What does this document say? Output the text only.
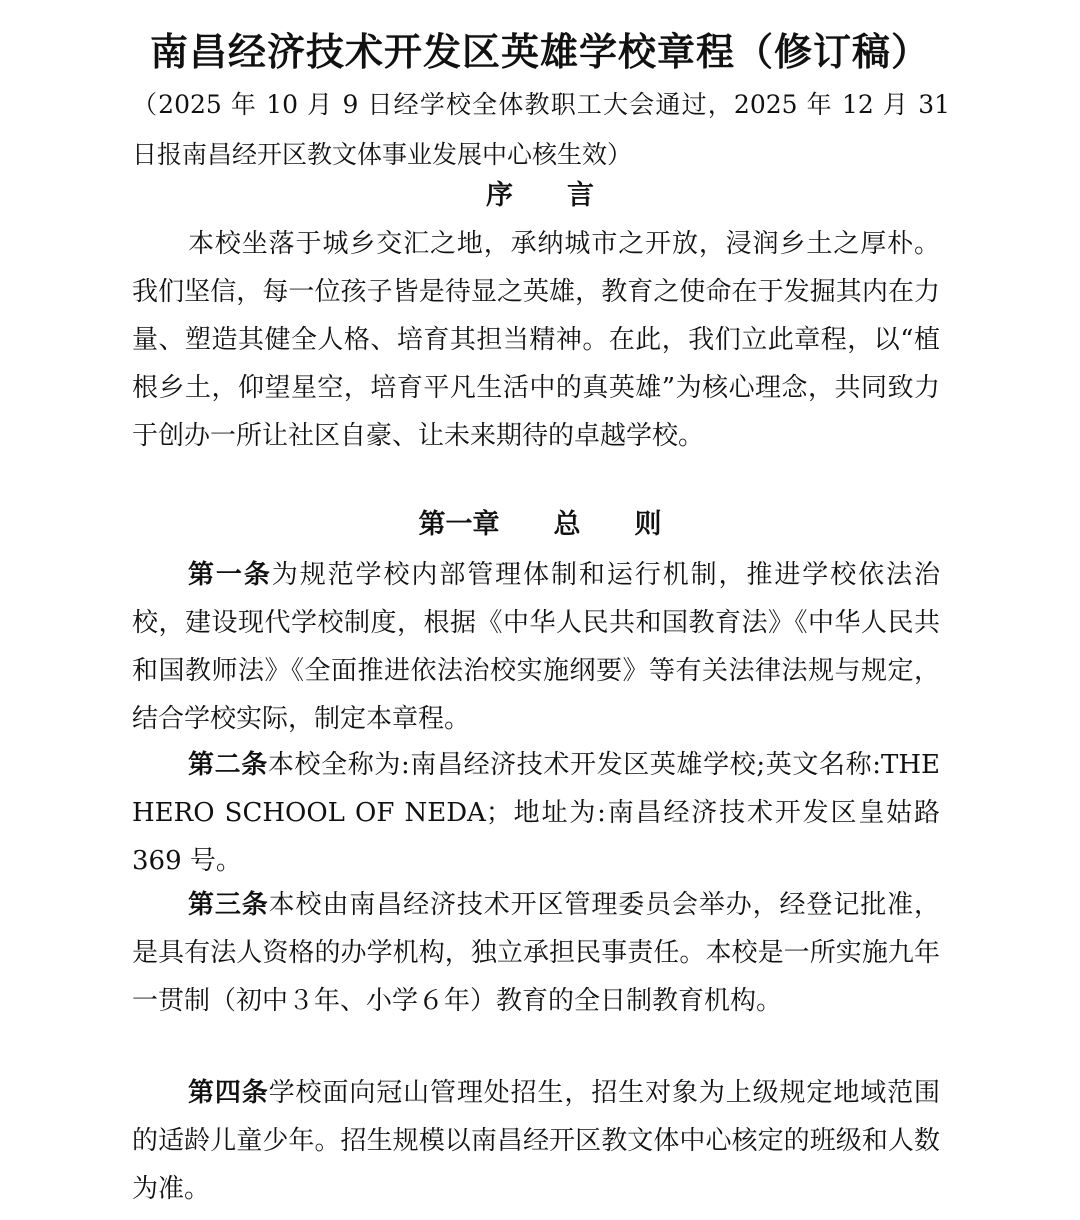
南昌经济技术开发区英雄学校章程（修订稿）
（2025 年 10 月 9 日经学校全体教职工大会通过，2025 年 12 月 31 日报南昌经开区教文体事业发展中心核生效）
序　　言

本校坐落于城乡交汇之地，承纳城市之开放，浸润乡土之厚朴。我们坚信，每一位孩子皆是待显之英雄，教育之使命在于发掘其内在力量、塑造其健全人格、培育其担当精神。在此，我们立此章程，以“植根乡土，仰望星空，培育平凡生活中的真英雄”为核心理念，共同致力于创办一所让社区自豪、让未来期待的卓越学校。

第一章　　总　　则

第一条为规范学校内部管理体制和运行机制，推进学校依法治校，建设现代学校制度，根据《中华人民共和国教育法》《中华人民共和国教师法》《全面推进依法治校实施纲要》等有关法律法规与规定，结合学校实际，制定本章程。

第二条本校全称为:南昌经济技术开发区英雄学校;英文名称:THE HERO SCHOOL OF NEDA；地址为:南昌经济技术开发区皇姑路369 号。

第三条本校由南昌经济技术开区管理委员会举办，经登记批准，是具有法人资格的办学机构，独立承担民事责任。本校是一所实施九年一贯制（初中３年、小学６年）教育的全日制教育机构。

第四条学校面向冠山管理处招生，招生对象为上级规定地域范围的适龄儿童少年。招生规模以南昌经开区教文体中心核定的班级和人数为准。
